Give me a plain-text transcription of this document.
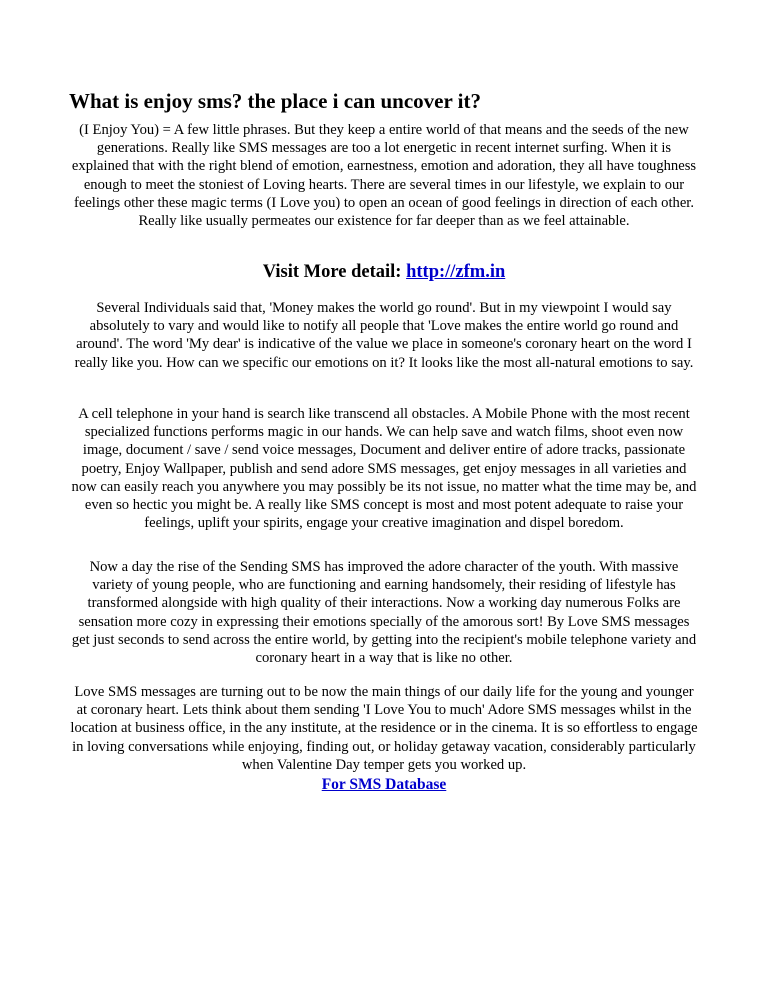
What is enjoy sms? the place i can uncover it?

(I Enjoy You) = A few little phrases. But they keep a entire world of that means and the seeds of the new generations. Really like SMS messages are too a lot energetic in recent internet surfing. When it is explained that with the right blend of emotion, earnestness, emotion and adoration, they all have toughness enough to meet the stoniest of Loving hearts. There are several times in our lifestyle, we explain to our feelings other these magic terms (I Love you) to open an ocean of good feelings in direction of each other. Really like usually permeates our existence for far deeper than as we feel attainable.

Visit More detail: http://zfm.in

Several Individuals said that, 'Money makes the world go round'. But in my viewpoint I would say absolutely to vary and would like to notify all people that 'Love makes the entire world go round and around'. The word 'My dear' is indicative of the value we place in someone's coronary heart on the word I really like you. How can we specific our emotions on it? It looks like the most all-natural emotions to say.

A cell telephone in your hand is search like transcend all obstacles. A Mobile Phone with the most recent specialized functions performs magic in our hands. We can help save and watch films, shoot even now image, document / save / send voice messages, Document and deliver entire of adore tracks, passionate poetry, Enjoy Wallpaper, publish and send adore SMS messages, get enjoy messages in all varieties and now can easily reach you anywhere you may possibly be its not issue, no matter what the time may be, and even so hectic you might be. A really like SMS concept is most and most potent adequate to raise your feelings, uplift your spirits, engage your creative imagination and dispel boredom.

Now a day the rise of the Sending SMS has improved the adore character of the youth. With massive variety of young people, who are functioning and earning handsomely, their residing of lifestyle has transformed alongside with high quality of their interactions. Now a working day numerous Folks are sensation more cozy in expressing their emotions specially of the amorous sort! By Love SMS messages get just seconds to send across the entire world, by getting into the recipient's mobile telephone variety and coronary heart in a way that is like no other.

Love SMS messages are turning out to be now the main things of our daily life for the young and younger at coronary heart. Lets think about them sending 'I Love You to much' Adore SMS messages whilst in the location at business office, in the any institute, at the residence or in the cinema. It is so effortless to engage in loving conversations while enjoying, finding out, or holiday getaway vacation, considerably particularly when Valentine Day temper gets you worked up.

For SMS Database
